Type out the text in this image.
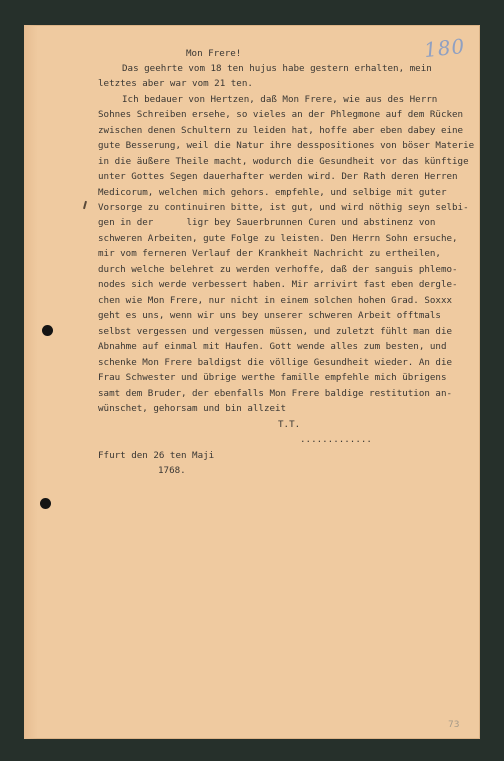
180
73

Mon Frere!

Das geehrte vom 18 ten hujus habe gestern erhalten, mein

letztes aber war vom 21 ten.

Ich bedauer von Hertzen, daß Mon Frere, wie aus des Herrn

Sohnes Schreiben ersehe, so vieles an der Phlegmone auf dem Rücken

zwischen denen Schultern zu leiden hat, hoffe aber eben dabey eine

gute Besserung, weil die Natur ihre desspositiones von böser Materie

in die äußere Theile macht, wodurch die Gesundheit vor das künftige

unter Gottes Segen dauerhafter werden wird. Der Rath deren Herren

Medicorum, welchen mich gehors. empfehle, und selbige mit guter

Vorsorge zu continuiren bitte, ist gut, und wird nöthig seyn selbi-

gen in der      ligr bey Sauerbrunnen Curen und abstinenz von

schweren Arbeiten, gute Folge zu leisten. Den Herrn Sohn ersuche,

mir vom ferneren Verlauf der Krankheit Nachricht zu ertheilen,

durch welche belehret zu werden verhoffe, daß der sanguis phlemo-

nodes sich werde verbessert haben. Mir arrivirt fast eben dergle-

chen wie Mon Frere, nur nicht in einem solchen hohen Grad. Soxxx

geht es uns, wenn wir uns bey unserer schweren Arbeit offtmals

selbst vergessen und vergessen müssen, und zuletzt fühlt man die

Abnahme auf einmal mit Haufen. Gott wende alles zum besten, und

schenke Mon Frere baldigst die völlige Gesundheit wieder. An die

Frau Schwester und übrige werthe famille empfehle mich übrigens

samt dem Bruder, der ebenfalls Mon Frere baldige restitution an-

wünschet, gehorsam und bin allzeit

T.T.

.............

Ffurt den 26 ten Maji

1768.
